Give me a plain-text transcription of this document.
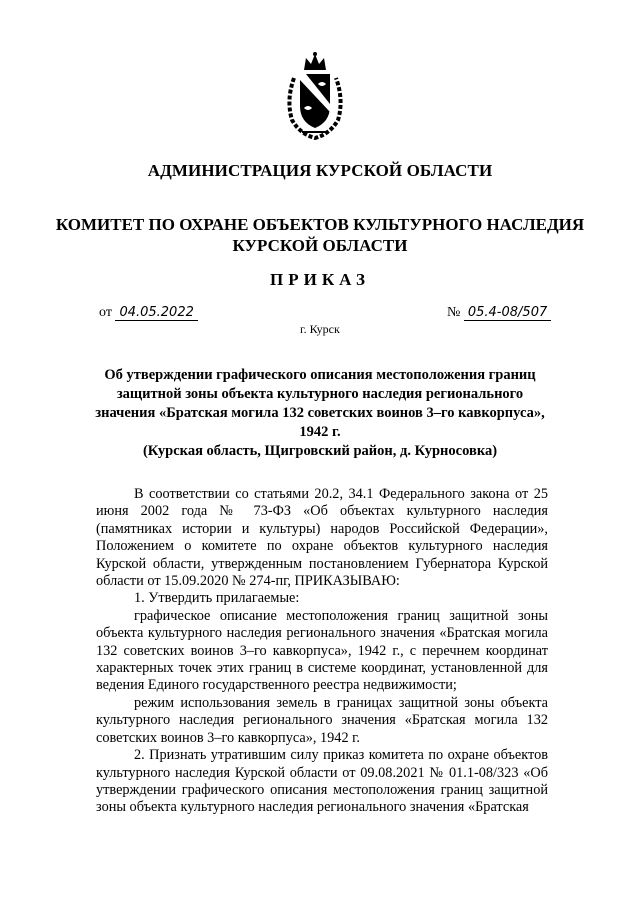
АДМИНИСТРАЦИЯ КУРСКОЙ ОБЛАСТИ
КОМИТЕТ ПО ОХРАНЕ ОБЪЕКТОВ КУЛЬТУРНОГО НАСЛЕДИЯ
КУРСКОЙ ОБЛАСТИ
ПРИКАЗ
от 04.05.2022	№ 05.4-08/507
г. Курск
Об утверждении графического описания местоположения границ
защитной зоны объекта культурного наследия регионального
значения «Братская могила 132 советских воинов 3–го кавкорпуса»,
1942 г.
(Курская область, Щигровский район, д. Курносовка)

В соответствии со статьями 20.2, 34.1 Федерального закона от 25 июня 2002 года № 73-ФЗ «Об объектах культурного наследия (памятниках истории и культуры) народов Российской Федерации», Положением о комитете по охране объектов культурного наследия Курской области, утвержденным постановлением Губернатора Курской области от 15.09.2020 № 274-пг, ПРИКАЗЫВАЮ:

1. Утвердить прилагаемые:

графическое описание местоположения границ защитной зоны объекта культурного наследия регионального значения «Братская могила 132 советских воинов 3–го кавкорпуса», 1942 г., с перечнем координат характерных точек этих границ в системе координат, установленной для ведения Единого государственного реестра недвижимости;

режим использования земель в границах защитной зоны объекта культурного наследия регионального значения «Братская могила 132 советских воинов 3–го кавкорпуса», 1942 г.

2. Признать утратившим силу приказ комитета по охране объектов культурного наследия Курской области от 09.08.2021 № 01.1-08/323 «Об утверждении графического описания местоположения границ защитной зоны объекта культурного наследия регионального значения «Братская
